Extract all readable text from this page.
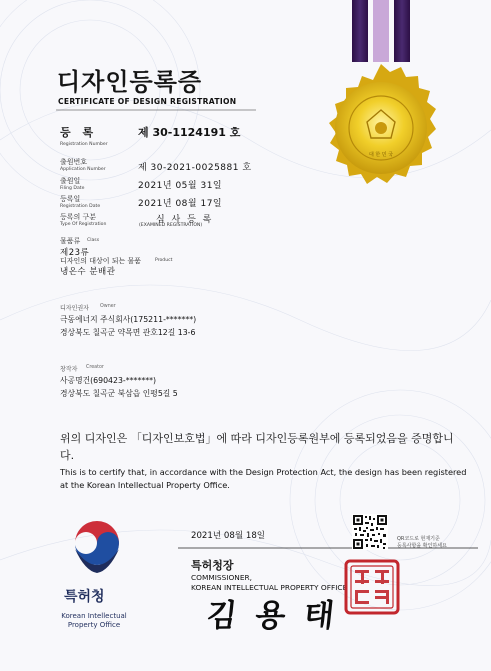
대 한 민 국
디자인등록증
CERTIFICATE OF DESIGN REGISTRATION
등 록
Registration Number
제 30-1124191 호
출원번호
Application Number	제 30-2021-0025881 호
출원일
Filing Date	2021년 05월 31일
등록일
Registration Date	2021년 08월 17일
등록의 구분
Type Of Registration	심 사 등 록
(EXAMINED REGISTRATION)
물품류 Class
제23류
디자인의 대상이 되는 물품	Product
냉온수 분배관
디자인권자 Owner
극동에너지 주식회사(175211-*******)
경상북도 칠곡군 약목면 관호12길 13-6
창작자 Creator
사공명건(690423-*******)
경상북도 칠곡군 북삼읍 인평5길 5
위의 디자인은 「디자인보호법」에 따라 디자인등록원부에 등록되었음을 증명합니다.
This is to certify that, in accordance with the Design Protection Act, the design has been registered at the Korean Intellectual Property Office.
2021년 08월 18일	QR코드로 현재기준
등록사항을 확인하세요
특허청장
COMMISSIONER,
KOREAN INTELLECTUAL PROPERTY OFFICE
김 용 태
특허청
Korean Intellectual Property Office
